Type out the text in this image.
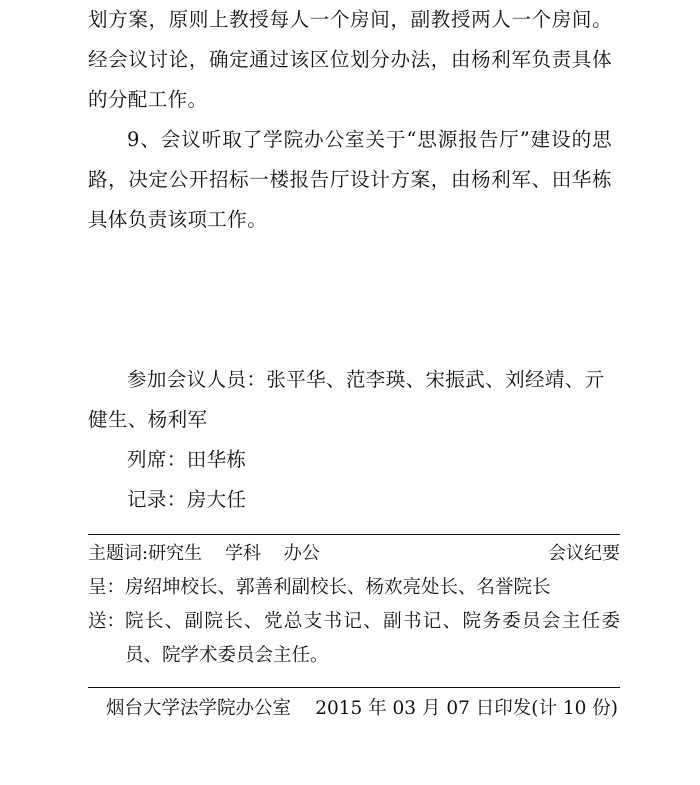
划方案，原则上教授每人一个房间，副教授两人一个房间。经会议讨论，确定通过该区位划分办法，由杨利军负责具体的分配工作。

9、会议听取了学院办公室关于“思源报告厅”建设的思路，决定公开招标一楼报告厅设计方案，由杨利军、田华栋具体负责该项工作。

参加会议人员：张平华、范李瑛、宋振武、刘经靖、亓健生、杨利军

列席：田华栋

记录：房大任

主题词:研究生    学科    办公	会议纪要
呈： 房绍坤校长、郭善利副校长、杨欢亮处长、名誉院长
送： 院长、副院长、党总支书记、副书记、院务委员会主任委员、院学术委员会主任。
烟台大学法学院办公室 2015 年 03 月 07 日印发(计 10 份)
